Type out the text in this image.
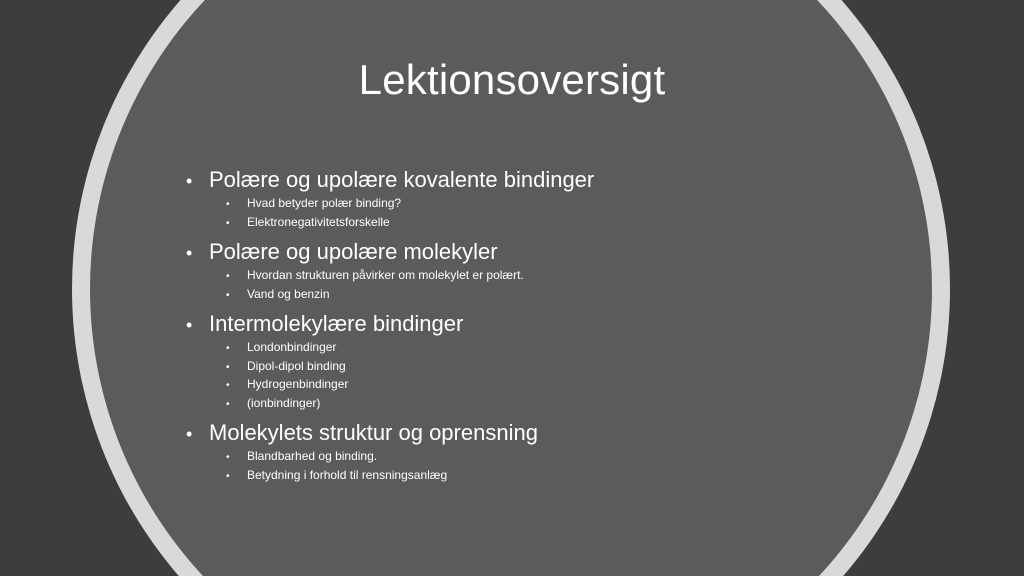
Lektionsoversigt
• Polære og upolære kovalente bindinger
•	Hvad betyder polær binding?
•	Elektronegativitetsforskelle
• Polære og upolære molekyler
•	Hvordan strukturen påvirker om molekylet er polært.
•	Vand og benzin
• Intermolekylære bindinger
•	Londonbindinger
•	Dipol-dipol binding
•	Hydrogenbindinger
•	(ionbindinger)
• Molekylets struktur og oprensning
•	Blandbarhed og binding.
•	Betydning i forhold til rensningsanlæg
